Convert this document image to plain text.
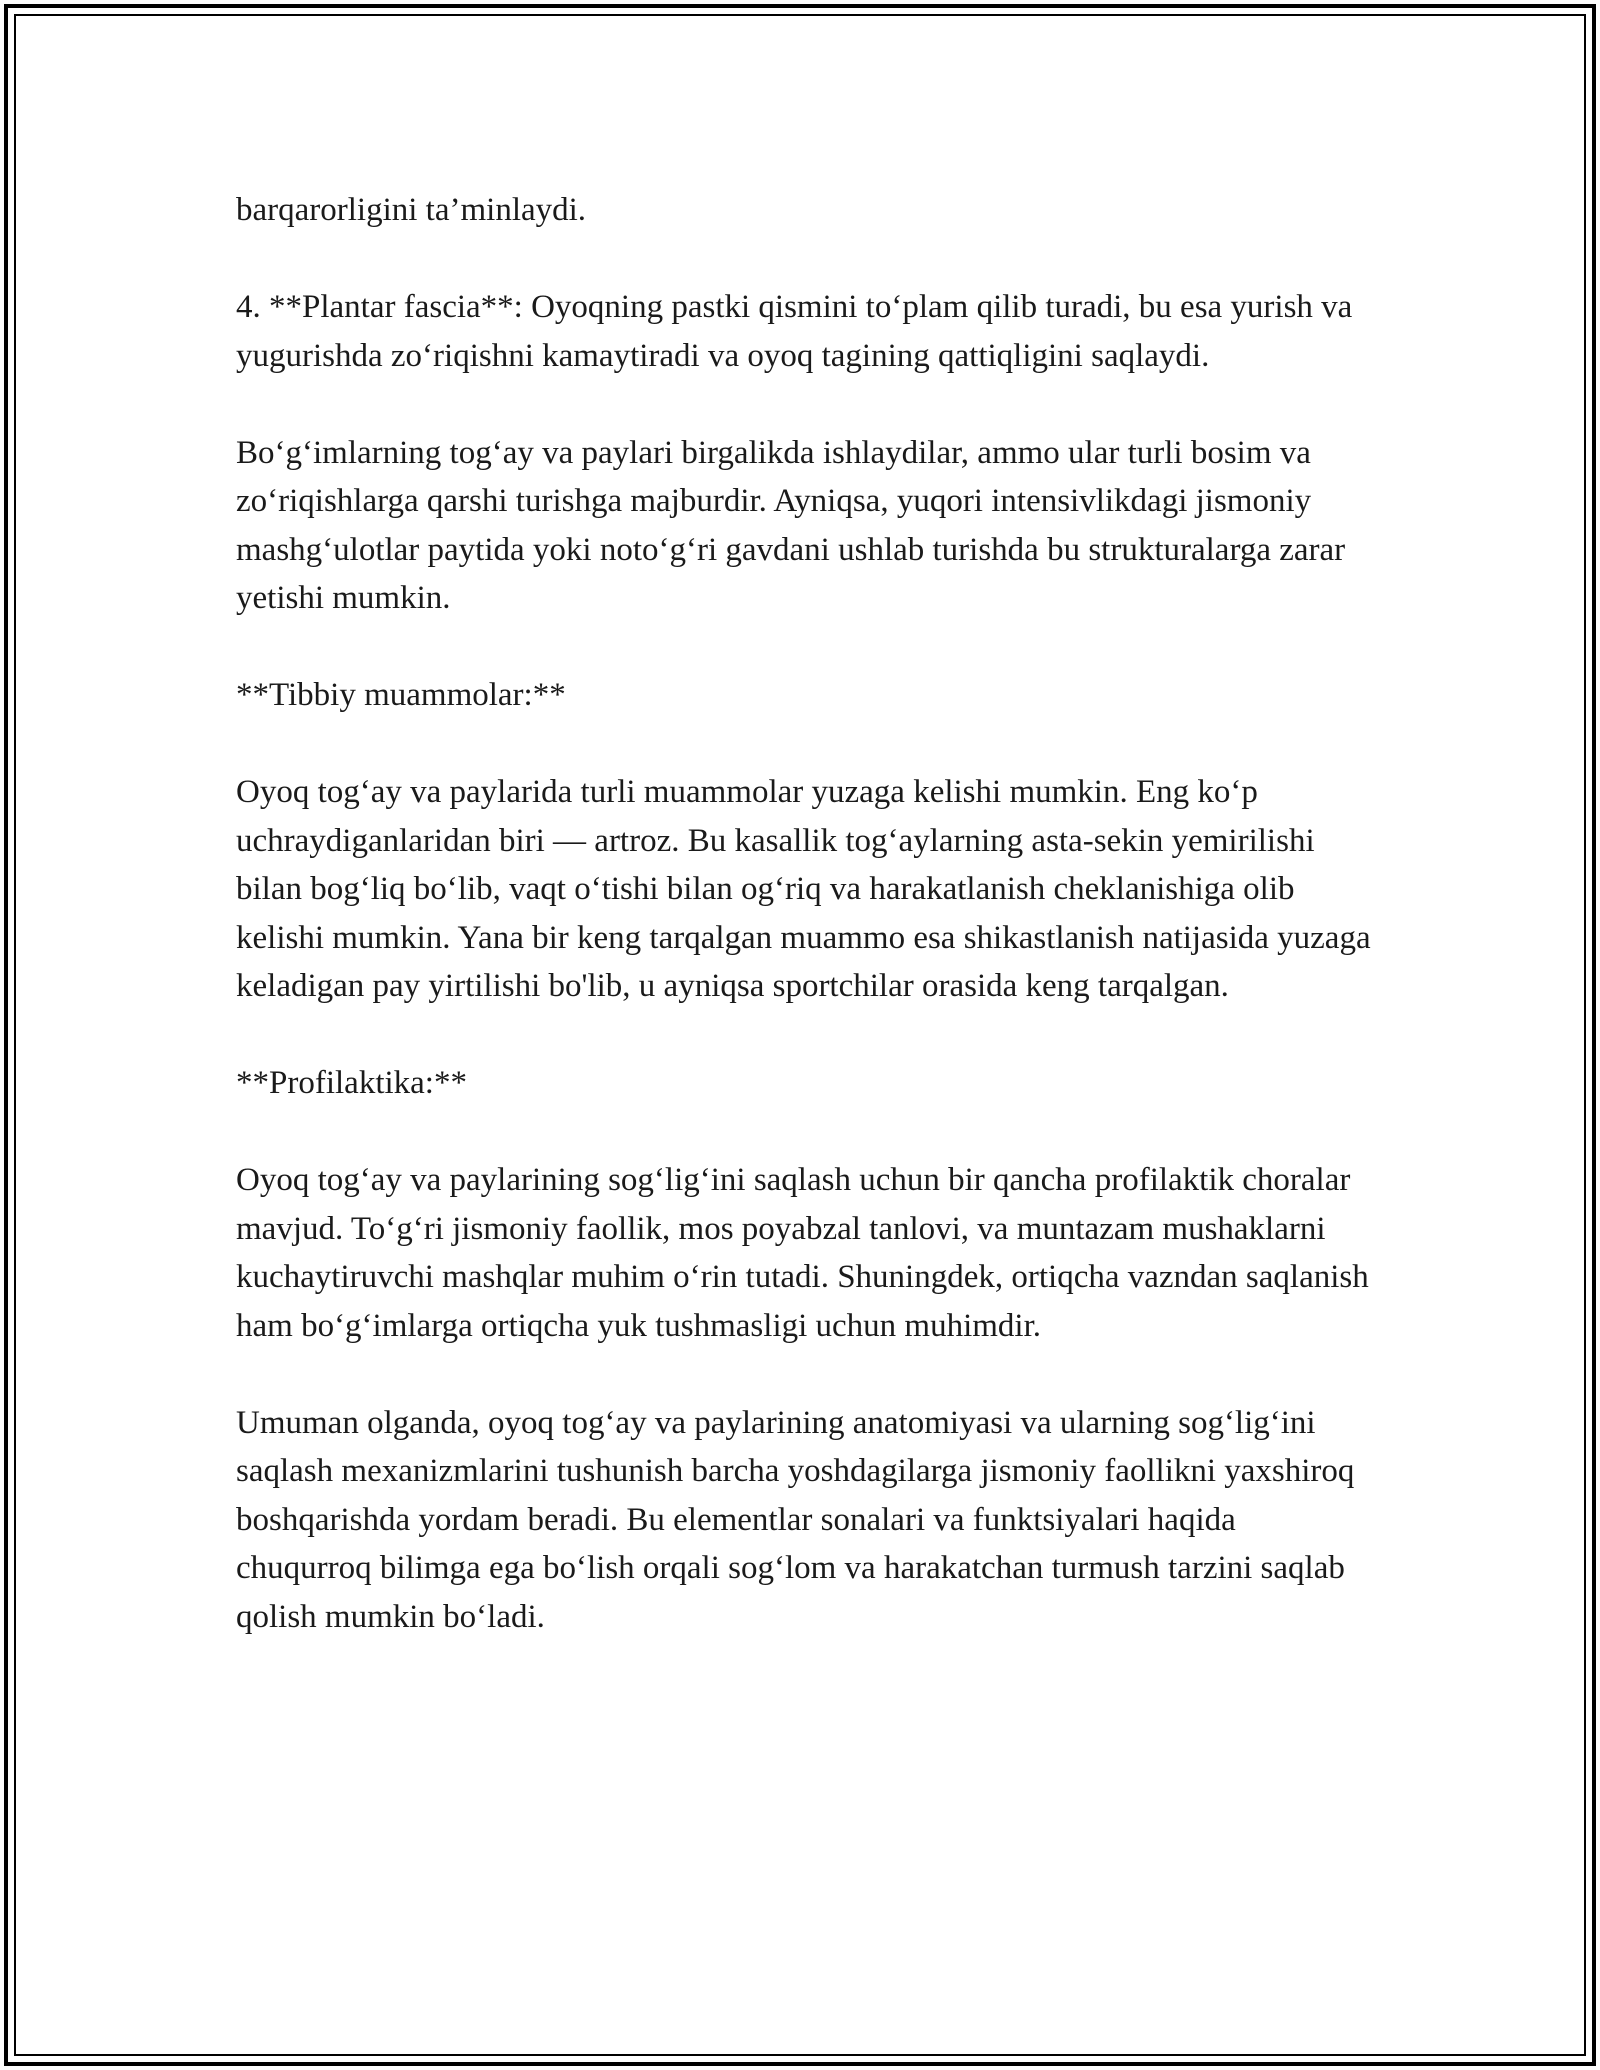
barqarorligini ta’minlaydi.

4. **Plantar fascia**: Oyoqning pastki qismini to‘plam qilib turadi, bu esa yurish va yugurishda zo‘riqishni kamaytiradi va oyoq tagining qattiqligini saqlaydi.

Bo‘g‘imlarning tog‘ay va paylari birgalikda ishlaydilar, ammo ular turli bosim va zo‘riqishlarga qarshi turishga majburdir. Ayniqsa, yuqori intensivlikdagi jismoniy mashg‘ulotlar paytida yoki noto‘g‘ri gavdani ushlab turishda bu strukturalarga zarar yetishi mumkin.

**Tibbiy muammolar:**

Oyoq tog‘ay va paylarida turli muammolar yuzaga kelishi mumkin. Eng ko‘p uchraydiganlaridan biri — artroz. Bu kasallik tog‘aylarning asta-sekin yemirilishi bilan bog‘liq bo‘lib, vaqt o‘tishi bilan og‘riq va harakatlanish cheklanishiga olib kelishi mumkin. Yana bir keng tarqalgan muammo esa shikastlanish natijasida yuzaga keladigan pay yirtilishi bo'lib, u ayniqsa sportchilar orasida keng tarqalgan.

**Profilaktika:**

Oyoq tog‘ay va paylarining sog‘lig‘ini saqlash uchun bir qancha profilaktik choralar mavjud. To‘g‘ri jismoniy faollik, mos poyabzal tanlovi, va muntazam mushaklarni kuchaytiruvchi mashqlar muhim o‘rin tutadi. Shuningdek, ortiqcha vazndan saqlanish ham bo‘g‘imlarga ortiqcha yuk tushmasligi uchun muhimdir.

Umuman olganda, oyoq tog‘ay va paylarining anatomiyasi va ularning sog‘lig‘ini saqlash mexanizmlarini tushunish barcha yoshdagilarga jismoniy faollikni yaxshiroq boshqarishda yordam beradi. Bu elementlar sonalari va funktsiyalari haqida chuqurroq bilimga ega bo‘lish orqali sog‘lom va harakatchan turmush tarzini saqlab qolish mumkin bo‘ladi.
